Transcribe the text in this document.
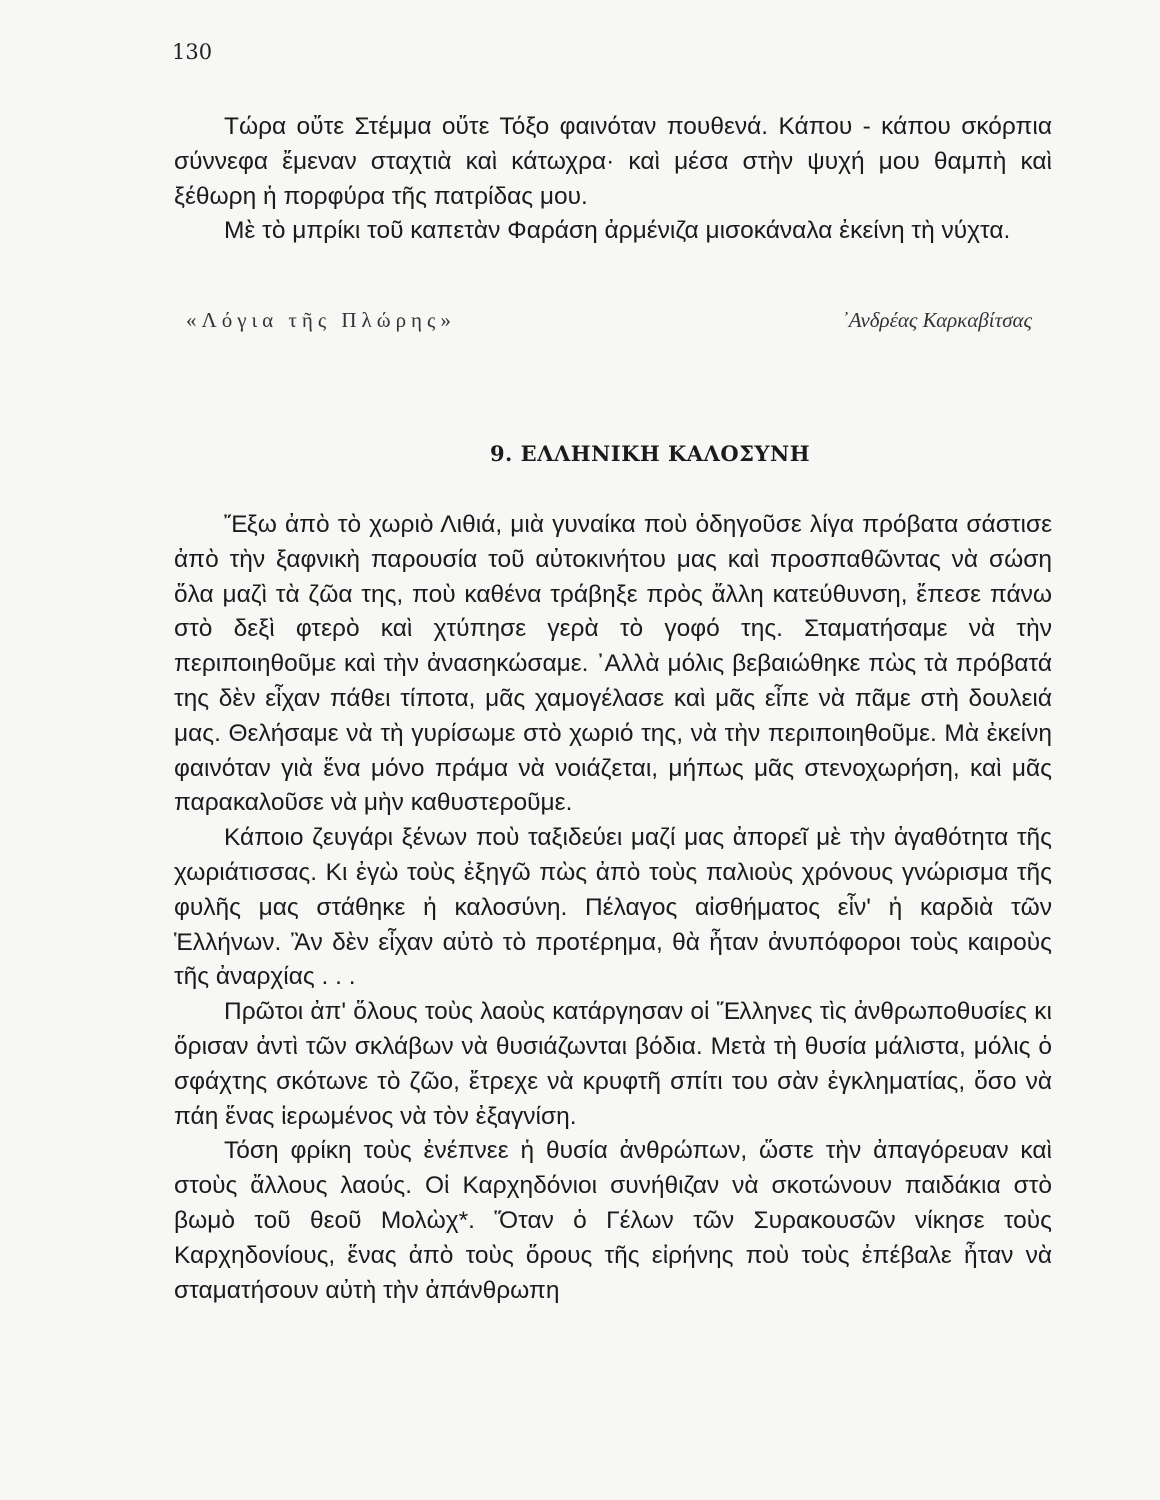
130

Τώρα οὔτε Στέμμα οὔτε Τόξο φαινόταν πουθενά. Κάπου - κάπου σκόρπια σύννεφα ἔμεναν σταχτιὰ καὶ κάτωχρα· καὶ μέσα στὴν ψυχή μου θαμπὴ καὶ ξέθωρη ἡ πορφύρα τῆς πατρίδας μου.

Μὲ τὸ μπρίκι τοῦ καπετὰν Φαράση ἀρμένιζα μισοκάναλα ἐκείνη τὴ νύχτα.

«Λόγια τῆς Πλώρης»	᾿Ανδρέας Καρκαβίτσας
9. ΕΛΛΗΝΙΚΗ ΚΑΛΟΣΥΝΗ

Ἔξω ἀπὸ τὸ χωριὸ Λιθιά, μιὰ γυναίκα ποὺ ὁδηγοῦσε λίγα πρόβατα σάστισε ἀπὸ τὴν ξαφνικὴ παρουσία τοῦ αὐτοκινήτου μας καὶ προσπαθῶντας νὰ σώση ὅλα μαζὶ τὰ ζῶα της, ποὺ καθένα τράβηξε πρὸς ἄλλη κατεύθυνση, ἔπεσε πάνω στὸ δεξὶ φτερὸ καὶ χτύπησε γερὰ τὸ γοφό της. Σταματήσαμε νὰ τὴν περιποιηθοῦμε καὶ τὴν ἀνασηκώσαμε. ᾿Αλλὰ μόλις βεβαιώθηκε πὼς τὰ πρόβατά της δὲν εἶχαν πάθει τίποτα, μᾶς χαμογέλασε καὶ μᾶς εἶπε νὰ πᾶμε στὴ δουλειά μας. Θελήσαμε νὰ τὴ γυρίσωμε στὸ χωριό της, νὰ τὴν περιποιηθοῦμε. Μὰ ἐκείνη φαινόταν γιὰ ἕνα μόνο πράμα νὰ νοιάζεται, μήπως μᾶς στενοχωρήση, καὶ μᾶς παρακαλοῦσε νὰ μὴν καθυστεροῦμε.

Κάποιο ζευγάρι ξένων ποὺ ταξιδεύει μαζί μας ἀπορεῖ μὲ τὴν ἀγαθότητα τῆς χωριάτισσας. Κι ἐγὼ τοὺς ἐξηγῶ πὼς ἀπὸ τοὺς παλιοὺς χρόνους γνώρισμα τῆς φυλῆς μας στάθηκε ἡ καλοσύνη. Πέλαγος αἰσθήματος εἶν' ἡ καρδιὰ τῶν Ἑλλήνων. Ἂν δὲν εἶχαν αὐτὸ τὸ προτέρημα, θὰ ἦταν ἀνυπόφοροι τοὺς καιροὺς τῆς ἀναρχίας . . .

Πρῶτοι ἀπ' ὅλους τοὺς λαοὺς κατάργησαν οἱ Ἕλληνες τὶς ἀνθρωποθυσίες κι ὅρισαν ἀντὶ τῶν σκλάβων νὰ θυσιάζωνται βόδια. Μετὰ τὴ θυσία μάλιστα, μόλις ὁ σφάχτης σκότωνε τὸ ζῶο, ἔτρεχε νὰ κρυφτῆ σπίτι του σὰν ἐγκληματίας, ὅσο νὰ πάη ἕνας ἱερωμένος νὰ τὸν ἐξαγνίση.

Τόση φρίκη τοὺς ἐνέπνεε ἡ θυσία ἀνθρώπων, ὥστε τὴν ἀπαγόρευαν καὶ στοὺς ἄλλους λαούς. Οἱ Καρχηδόνιοι συνήθιζαν νὰ σκοτώνουν παιδάκια στὸ βωμὸ τοῦ θεοῦ Μολὼχ*. Ὅταν ὁ Γέλων τῶν Συρακουσῶν νίκησε τοὺς Καρχηδονίους, ἕνας ἀπὸ τοὺς ὅρους τῆς εἰρήνης ποὺ τοὺς ἐπέβαλε ἦταν νὰ σταματήσουν αὐτὴ τὴν ἀπάνθρωπη
